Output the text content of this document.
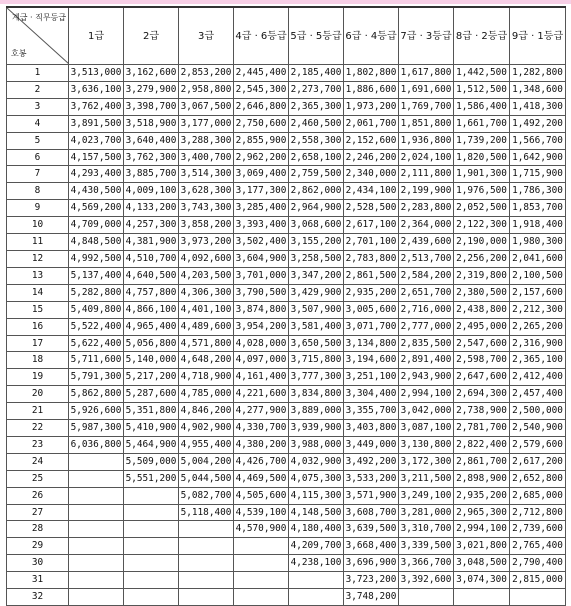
계급 · 직무등급
호봉	1급	2급	3급	4급 · 6등급	5급 · 5등급	6급 · 4등급	7급 · 3등급	8급 · 2등급	9급 · 1등급
1	3,513,000	3,162,600	2,853,200	2,445,400	2,185,400	1,802,800	1,617,800	1,442,500	1,282,800
2	3,636,100	3,279,900	2,958,800	2,545,300	2,273,700	1,886,600	1,691,600	1,512,500	1,348,600
3	3,762,400	3,398,700	3,067,500	2,646,800	2,365,300	1,973,200	1,769,700	1,586,400	1,418,300
4	3,891,500	3,518,900	3,177,000	2,750,600	2,460,500	2,061,700	1,851,800	1,661,700	1,492,200
5	4,023,700	3,640,400	3,288,300	2,855,900	2,558,300	2,152,600	1,936,800	1,739,200	1,566,700
6	4,157,500	3,762,300	3,400,700	2,962,200	2,658,100	2,246,200	2,024,100	1,820,500	1,642,900
7	4,293,400	3,885,700	3,514,300	3,069,400	2,759,500	2,340,000	2,111,800	1,901,300	1,715,900
8	4,430,500	4,009,100	3,628,300	3,177,300	2,862,000	2,434,100	2,199,900	1,976,500	1,786,300
9	4,569,200	4,133,200	3,743,300	3,285,400	2,964,900	2,528,500	2,283,800	2,052,500	1,853,700
10	4,709,000	4,257,300	3,858,200	3,393,400	3,068,600	2,617,100	2,364,000	2,122,300	1,918,400
11	4,848,500	4,381,900	3,973,200	3,502,400	3,155,200	2,701,100	2,439,600	2,190,000	1,980,300
12	4,992,500	4,510,700	4,092,600	3,604,900	3,258,500	2,783,800	2,513,700	2,256,200	2,041,600
13	5,137,400	4,640,500	4,203,500	3,701,000	3,347,200	2,861,500	2,584,200	2,319,800	2,100,500
14	5,282,800	4,757,800	4,306,300	3,790,500	3,429,900	2,935,200	2,651,700	2,380,500	2,157,600
15	5,409,800	4,866,100	4,401,100	3,874,800	3,507,900	3,005,600	2,716,000	2,438,800	2,212,300
16	5,522,400	4,965,400	4,489,600	3,954,200	3,581,400	3,071,700	2,777,000	2,495,000	2,265,200
17	5,622,400	5,056,800	4,571,800	4,028,000	3,650,500	3,134,800	2,835,500	2,547,600	2,316,900
18	5,711,600	5,140,000	4,648,200	4,097,000	3,715,800	3,194,600	2,891,400	2,598,700	2,365,100
19	5,791,300	5,217,200	4,718,900	4,161,400	3,777,300	3,251,100	2,943,900	2,647,600	2,412,400
20	5,862,800	5,287,600	4,785,000	4,221,600	3,834,800	3,304,400	2,994,100	2,694,300	2,457,400
21	5,926,600	5,351,800	4,846,200	4,277,900	3,889,000	3,355,700	3,042,000	2,738,900	2,500,000
22	5,987,300	5,410,900	4,902,900	4,330,700	3,939,900	3,403,800	3,087,100	2,781,700	2,540,900
23	6,036,800	5,464,900	4,955,400	4,380,200	3,988,000	3,449,000	3,130,800	2,822,400	2,579,600
24		5,509,000	5,004,200	4,426,700	4,032,900	3,492,200	3,172,300	2,861,700	2,617,200
25		5,551,200	5,044,500	4,469,500	4,075,300	3,533,200	3,211,500	2,898,900	2,652,800
26			5,082,700	4,505,600	4,115,300	3,571,900	3,249,100	2,935,200	2,685,000
27			5,118,400	4,539,100	4,148,500	3,608,700	3,281,000	2,965,300	2,712,800
28				4,570,900	4,180,400	3,639,500	3,310,700	2,994,100	2,739,600
29					4,209,700	3,668,400	3,339,500	3,021,800	2,765,400
30					4,238,100	3,696,900	3,366,700	3,048,500	2,790,400
31						3,723,200	3,392,600	3,074,300	2,815,000
32						3,748,200			
